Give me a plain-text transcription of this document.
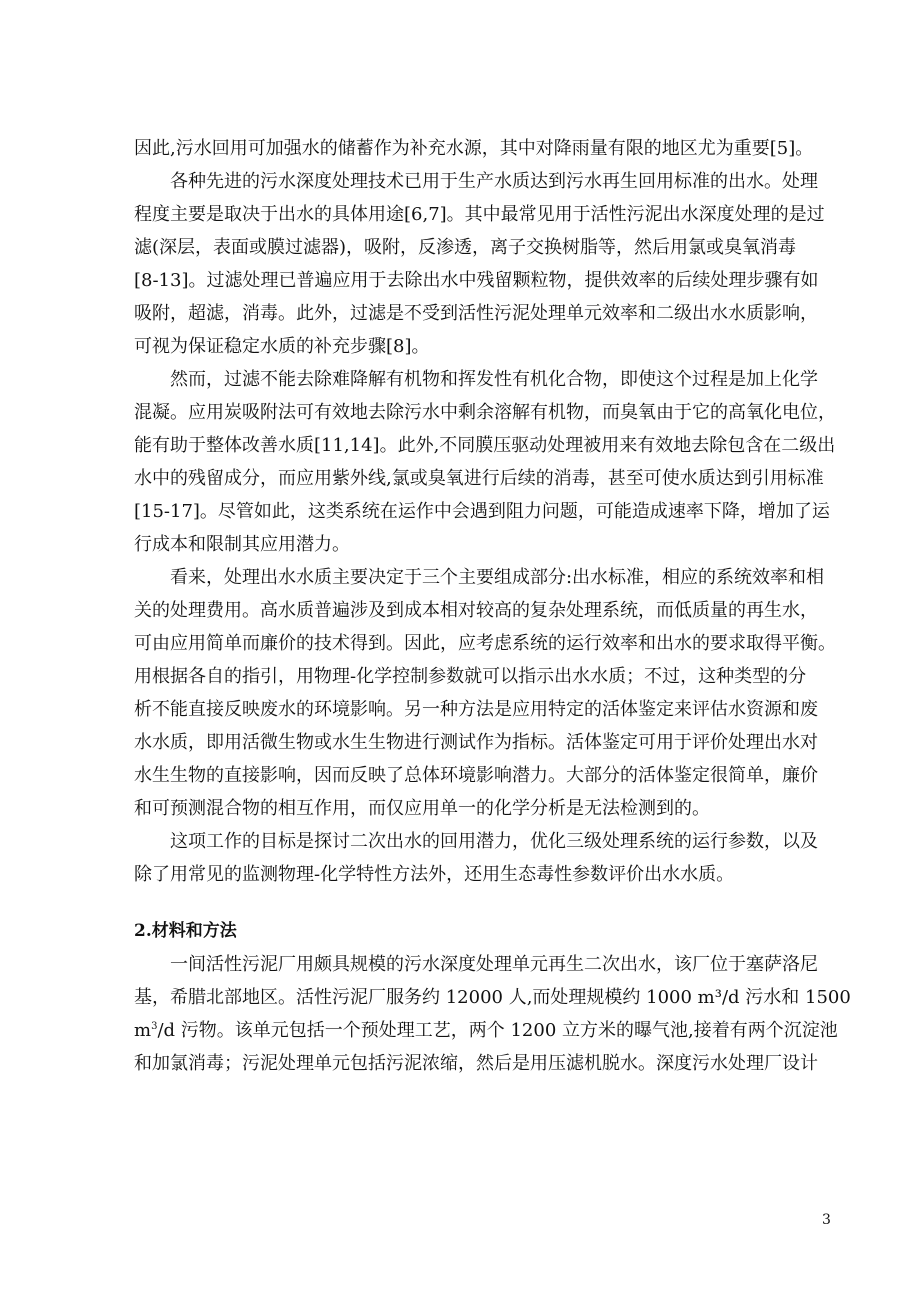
因此,污水回用可加强水的储蓄作为补充水源，其中对降雨量有限的地区尤为重要[5]。
各种先进的污水深度处理技术已用于生产水质达到污水再生回用标准的出水。处理
程度主要是取决于出水的具体用途[6,7]。其中最常见用于活性污泥出水深度处理的是过
滤(深层，表面或膜过滤器)，吸附，反渗透，离子交换树脂等，然后用氯或臭氧消毒
[8-13]。过滤处理已普遍应用于去除出水中残留颗粒物，提供效率的后续处理步骤有如
吸附，超滤，消毒。此外，过滤是不受到活性污泥处理单元效率和二级出水水质影响，
可视为保证稳定水质的补充步骤[8]。
然而，过滤不能去除难降解有机物和挥发性有机化合物，即使这个过程是加上化学
混凝。应用炭吸附法可有效地去除污水中剩余溶解有机物，而臭氧由于它的高氧化电位，
能有助于整体改善水质[11,14]。此外,不同膜压驱动处理被用来有效地去除包含在二级出
水中的残留成分，而应用紫外线,氯或臭氧进行后续的消毒，甚至可使水质达到引用标准
[15-17]。尽管如此，这类系统在运作中会遇到阻力问题，可能造成速率下降，增加了运
行成本和限制其应用潜力。
看来，处理出水水质主要决定于三个主要组成部分:出水标准，相应的系统效率和相
关的处理费用。高水质普遍涉及到成本相对较高的复杂处理系统，而低质量的再生水，
可由应用简单而廉价的技术得到。因此，应考虑系统的运行效率和出水的要求取得平衡。
用根据各自的指引，用物理-化学控制参数就可以指示出水水质；不过，这种类型的分
析不能直接反映废水的环境影响。另一种方法是应用特定的活体鉴定来评估水资源和废
水水质，即用活微生物或水生生物进行测试作为指标。活体鉴定可用于评价处理出水对
水生生物的直接影响，因而反映了总体环境影响潜力。大部分的活体鉴定很简单，廉价
和可预测混合物的相互作用，而仅应用单一的化学分析是无法检测到的。
这项工作的目标是探讨二次出水的回用潜力，优化三级处理系统的运行参数，以及
除了用常见的监测物理-化学特性方法外，还用生态毒性参数评价出水水质。
2.材料和方法
一间活性污泥厂用颇具规模的污水深度处理单元再生二次出水，该厂位于塞萨洛尼
基，希腊北部地区。活性污泥厂服务约 12000 人,而处理规模约 1000 m³/d 污水和 1500
$m^3/d$ 污物。该单元包括一个预处理工艺，两个 1200 立方米的曝气池,接着有两个沉淀池
和加氯消毒；污泥处理单元包括污泥浓缩，然后是用压滤机脱水。深度污水处理厂设计
3
